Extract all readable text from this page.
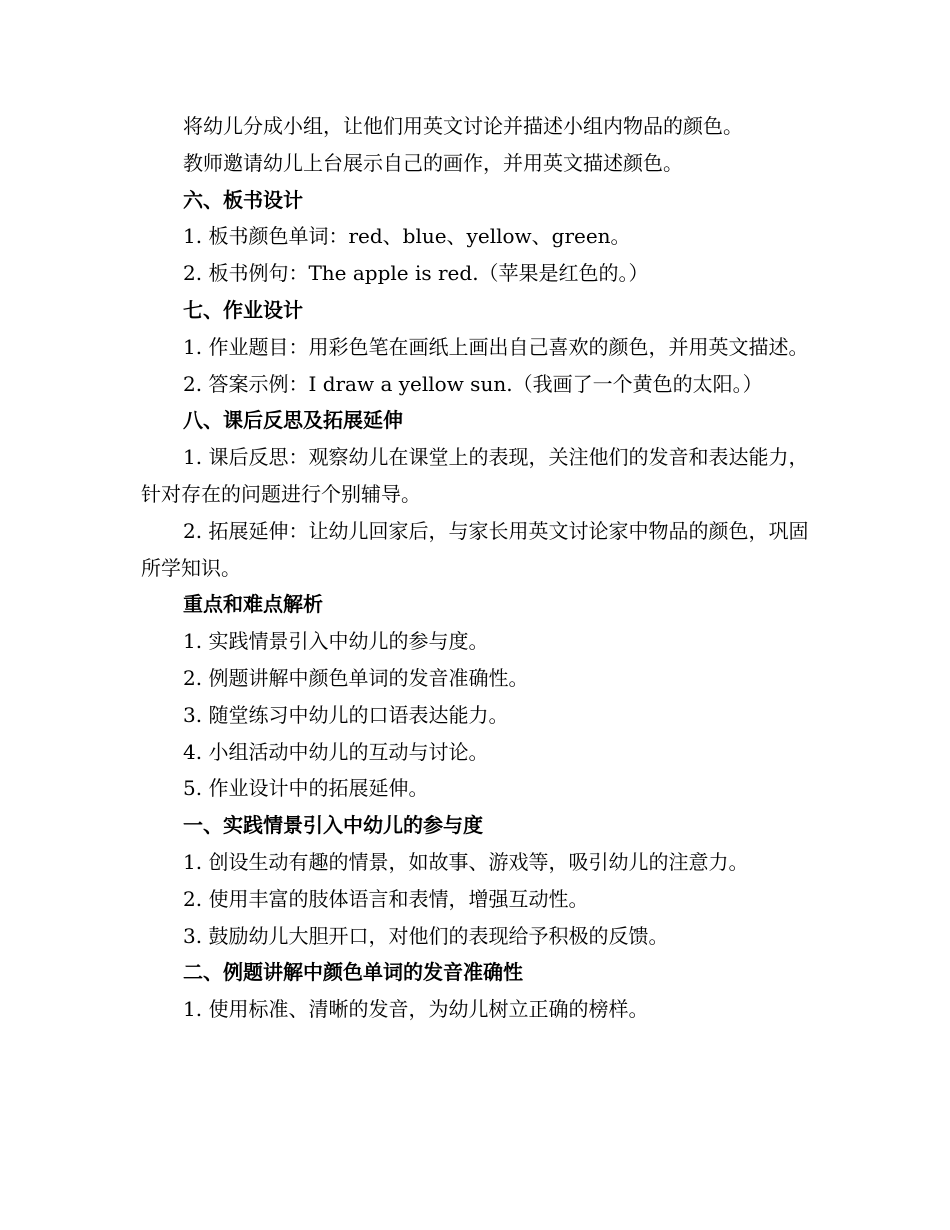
将幼儿分成小组，让他们用英文讨论并描述小组内物品的颜色。

教师邀请幼儿上台展示自己的画作，并用英文描述颜色。

六、板书设计

1. 板书颜色单词：red、blue、yellow、green。

2. 板书例句：The apple is red.（苹果是红色的。）

七、作业设计

1. 作业题目：用彩色笔在画纸上画出自己喜欢的颜色，并用英文描述。

2. 答案示例：I draw a yellow sun.（我画了一个黄色的太阳。）

八、课后反思及拓展延伸

1. 课后反思：观察幼儿在课堂上的表现，关注他们的发音和表达能力，针对存在的问题进行个别辅导。

2. 拓展延伸：让幼儿回家后，与家长用英文讨论家中物品的颜色，巩固所学知识。

重点和难点解析

1. 实践情景引入中幼儿的参与度。

2. 例题讲解中颜色单词的发音准确性。

3. 随堂练习中幼儿的口语表达能力。

4. 小组活动中幼儿的互动与讨论。

5. 作业设计中的拓展延伸。

一、实践情景引入中幼儿的参与度

1. 创设生动有趣的情景，如故事、游戏等，吸引幼儿的注意力。

2. 使用丰富的肢体语言和表情，增强互动性。

3. 鼓励幼儿大胆开口，对他们的表现给予积极的反馈。

二、例题讲解中颜色单词的发音准确性

1. 使用标准、清晰的发音，为幼儿树立正确的榜样。
